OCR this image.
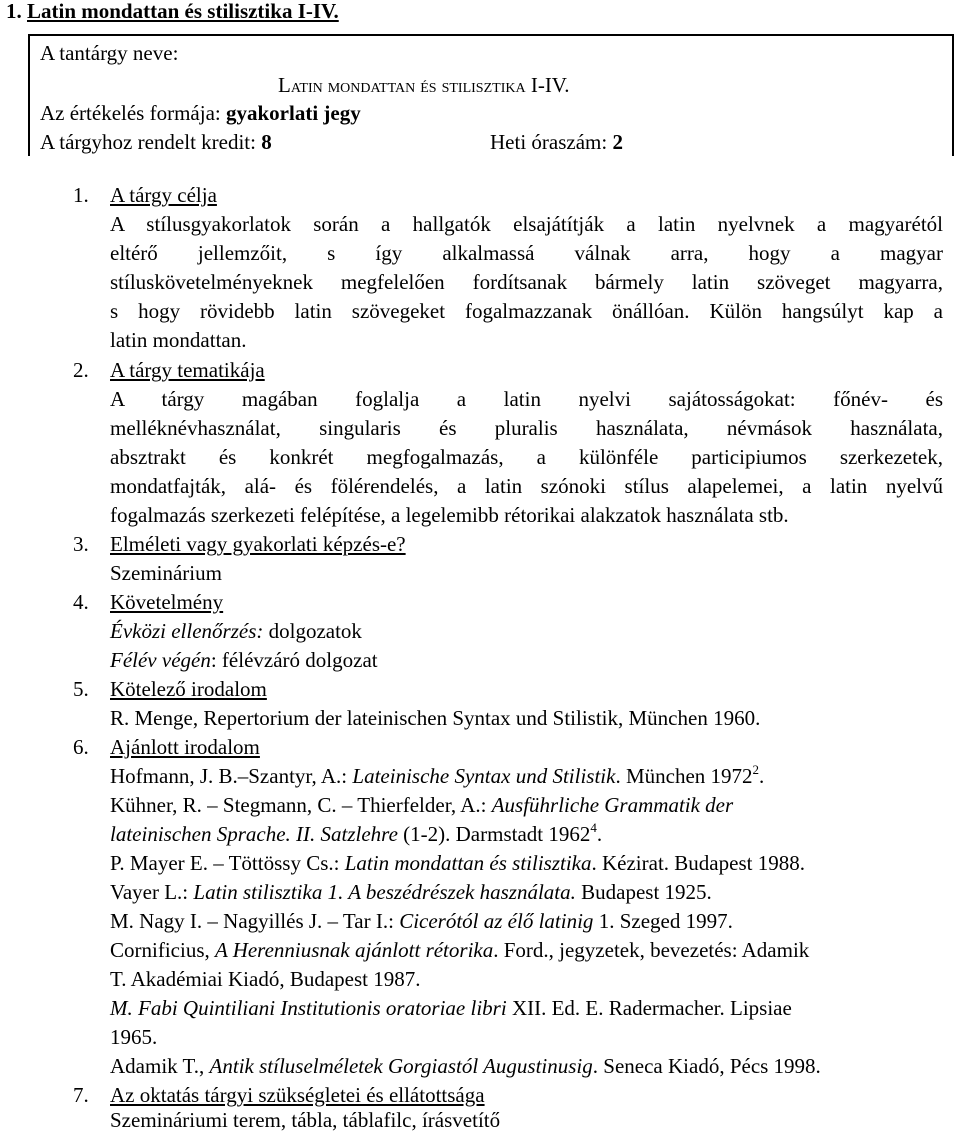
1. Latin mondattan és stilisztika I-IV.
A tantárgy neve:
Latin mondattan és stilisztika I-IV.
Az értékelés formája: gyakorlati jegy
A tárgyhoz rendelt kredit: 8	Heti óraszám: 2
1. A tárgy célja
A stílusgyakorlatok során a hallgatók elsajátítják a latin nyelvnek a magyarétól
eltérő jellemzőit, s így alkalmassá válnak arra, hogy a magyar
stíluskövetelményeknek megfelelően fordítsanak bármely latin szöveget magyarra,
s hogy rövidebb latin szövegeket fogalmazzanak önállóan. Külön hangsúlyt kap a
latin mondattan.
2. A tárgy tematikája
A tárgy magában foglalja a latin nyelvi sajátosságokat: főnév- és
melléknévhasználat, singularis és pluralis használata, névmások használata,
absztrakt és konkrét megfogalmazás, a különféle participiumos szerkezetek,
mondatfajták, alá- és fölérendelés, a latin szónoki stílus alapelemei, a latin nyelvű
fogalmazás szerkezeti felépítése, a legelemibb rétorikai alakzatok használata stb.
3. Elméleti vagy gyakorlati képzés-e?
Szeminárium
4. Követelmény
Évközi ellenőrzés: dolgozatok
Félév végén: félévzáró dolgozat
5. Kötelező irodalom
R. Menge, Repertorium der lateinischen Syntax und Stilistik, München 1960.
6. Ajánlott irodalom
Hofmann, J. B.–Szantyr, A.: Lateinische Syntax und Stilistik. München 1972$^2$.
Kühner, R. – Stegmann, C. – Thierfelder, A.: Ausführliche Grammatik der
lateinischen Sprache. II. Satzlehre (1-2). Darmstadt 1962$^4$.
P. Mayer E. – Töttössy Cs.: Latin mondattan és stilisztika. Kézirat. Budapest 1988.
Vayer L.: Latin stilisztika 1. A beszédrészek használata. Budapest 1925.
M. Nagy I. – Nagyillés J. – Tar I.: Cicerótól az élő latinig 1. Szeged 1997.
Cornificius, A Herenniusnak ajánlott rétorika. Ford., jegyzetek, bevezetés: Adamik
T. Akadémiai Kiadó, Budapest 1987.
M. Fabi Quintiliani Institutionis oratoriae libri XII. Ed. E. Radermacher. Lipsiae
1965.
Adamik T., Antik stíluselméletek Gorgiastól Augustinusig. Seneca Kiadó, Pécs 1998.
7. Az oktatás tárgyi szükségletei és ellátottsága
Szemináriumi terem, tábla, táblafilc, írásvetítő
